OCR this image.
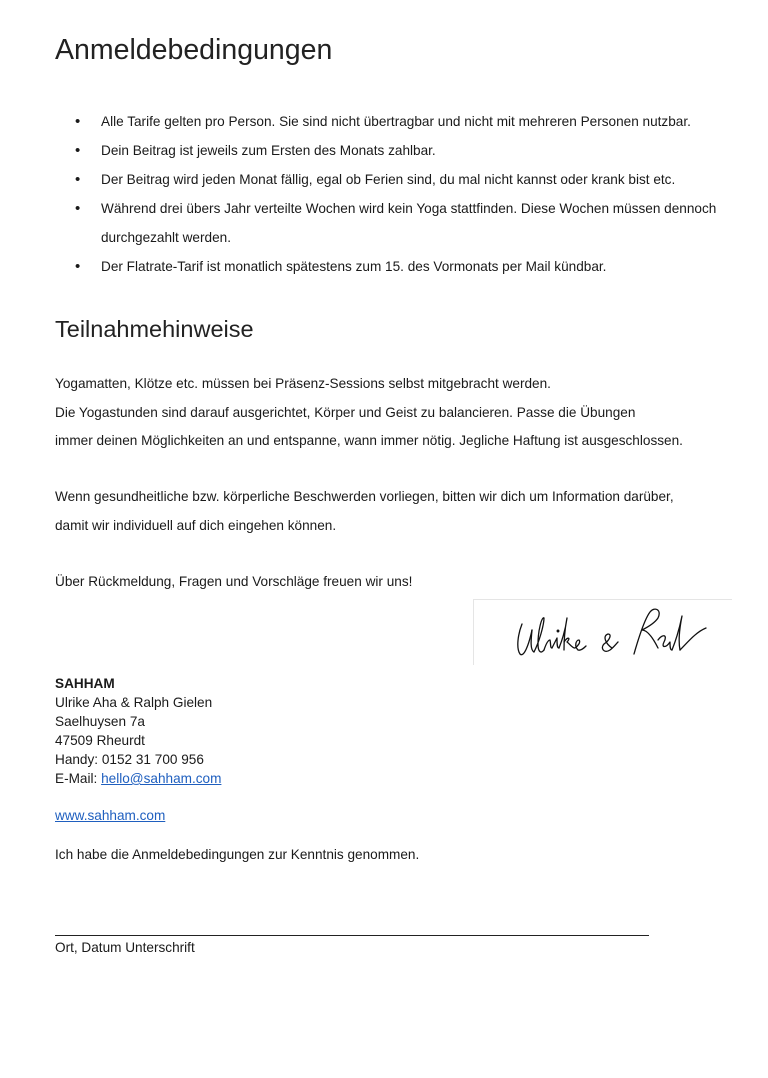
Anmeldebedingungen
• Alle Tarife gelten pro Person. Sie sind nicht übertragbar und nicht mit mehreren Personen nutzbar.
• Dein Beitrag ist jeweils zum Ersten des Monats zahlbar.
• Der Beitrag wird jeden Monat fällig, egal ob Ferien sind, du mal nicht kannst oder krank bist etc.
• Während drei übers Jahr verteilte Wochen wird kein Yoga stattfinden. Diese Wochen müssen dennoch durchgezahlt werden.
• Der Flatrate-Tarif ist monatlich spätestens zum 15. des Vormonats per Mail kündbar.
Teilnahmehinweise

Yogamatten, Klötze etc. müssen bei Präsenz-Sessions selbst mitgebracht werden.
Die Yogastunden sind darauf ausgerichtet, Körper und Geist zu balancieren. Passe die Übungen
immer deinen Möglichkeiten an und entspanne, wann immer nötig. Jegliche Haftung ist ausgeschlossen.

Wenn gesundheitliche bzw. körperliche Beschwerden vorliegen, bitten wir dich um Information darüber,
damit wir individuell auf dich eingehen können.

Über Rückmeldung, Fragen und Vorschläge freuen wir uns!

SAHHAM
Ulrike Aha & Ralph Gielen
Saelhuysen 7a
47509 Rheurdt
Handy: 0152 31 700 956
E-Mail: hello@sahham.com
www.sahham.com
Ich habe die Anmeldebedingungen zur Kenntnis genommen.
Ort, Datum Unterschrift
